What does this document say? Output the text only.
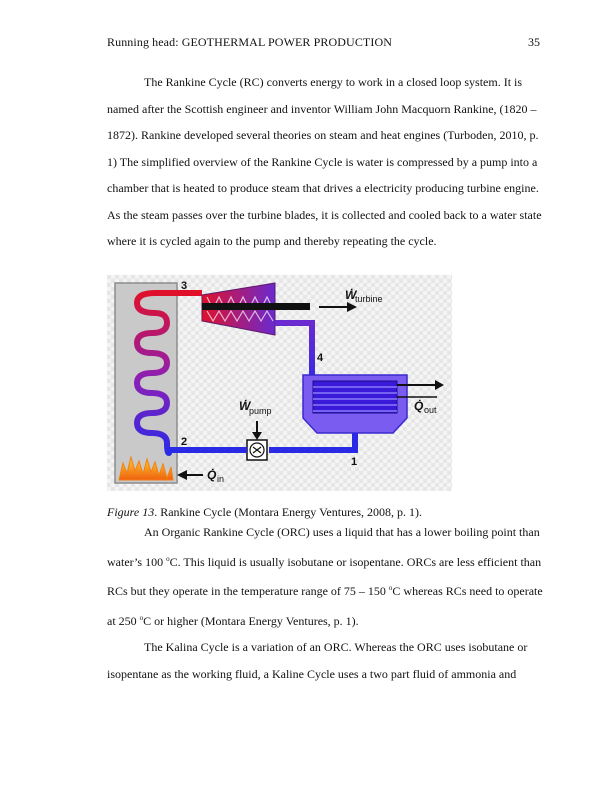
Running head: GEOTHERMAL POWER PRODUCTION	35

The Rankine Cycle (RC) converts energy to work in a closed loop system. It is named after the Scottish engineer and inventor William John Macquorn Rankine, (1820 – 1872). Rankine developed several theories on steam and heat engines (Turboden, 2010, p. 1) The simplified overview of the Rankine Cycle is water is compressed by a pump into a chamber that is heated to produce steam that drives a electricity producing turbine engine. As the steam passes over the turbine blades, it is collected and cooled back to a water state where it is cycled again to the pump and thereby repeating the cycle.

Ẇ
turbine
Q̇ out
Ẇ
pump
Q̇ in
3
4
2
1
Figure 13. Rankine Cycle (Montara Energy Ventures, 2008, p. 1).

An Organic Rankine Cycle (ORC) uses a liquid that has a lower boiling point than water’s 100 $^o$C. This liquid is usually isobutane or isopentane. ORCs are less efficient than RCs but they operate in the temperature range of 75 – 150 $^o$C whereas RCs need to operate at 250 $^o$C or higher (Montara Energy Ventures, p. 1).

The Kalina Cycle is a variation of an ORC. Whereas the ORC uses isobutane or isopentane as the working fluid, a Kaline Cycle uses a two part fluid of ammonia and
